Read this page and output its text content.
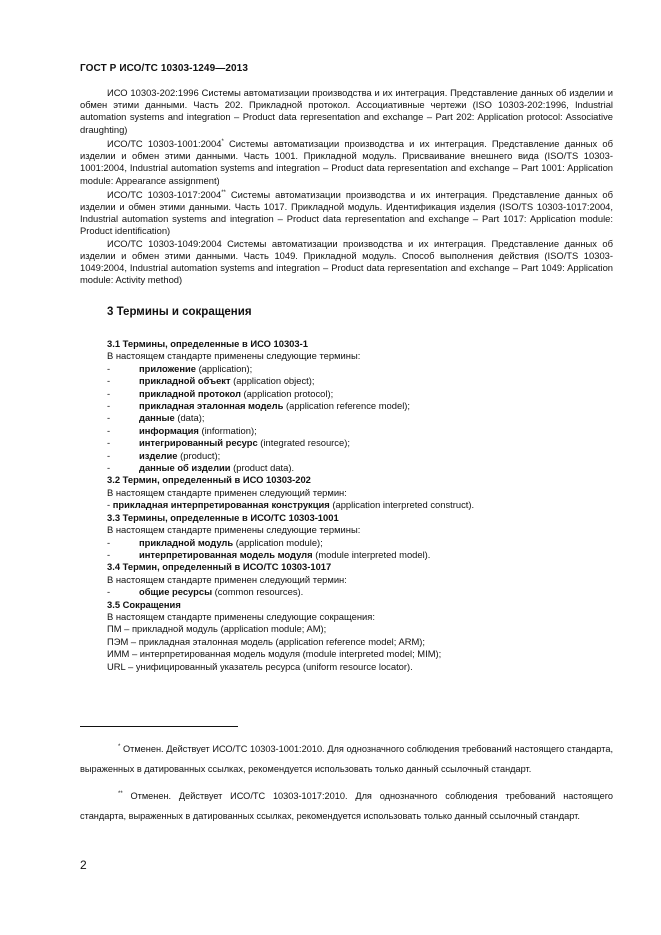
ГОСТ Р ИСО/ТС 10303-1249—2013

ИСО 10303-202:1996 Системы автоматизации производства и их интеграция. Представление данных об изделии и обмен этими данными. Часть 202. Прикладной протокол. Ассоциативные чертежи (ISO 10303-202:1996, Industrial automation systems and integration – Product data representation and exchange – Part 202: Application protocol: Associative draughting)

ИСО/ТС 10303-1001:2004* Системы автоматизации производства и их интеграция. Представление данных об изделии и обмен этими данными. Часть 1001. Прикладной модуль. Присваивание внешнего вида (ISO/TS 10303-1001:2004, Industrial automation systems and integration – Product data representation and exchange – Part 1001: Application module: Appearance assignment)

ИСО/ТС 10303-1017:2004** Системы автоматизации производства и их интеграция. Представление данных об изделии и обмен этими данными. Часть 1017. Прикладной модуль. Идентификация изделия (ISO/TS 10303-1017:2004, Industrial automation systems and integration – Product data representation and exchange – Part 1017: Application module: Product identification)

ИСО/ТС 10303-1049:2004 Системы автоматизации производства и их интеграция. Представление данных об изделии и обмен этими данными. Часть 1049. Прикладной модуль. Способ выполнения действия (ISO/TS 10303-1049:2004, Industrial automation systems and integration – Product data representation and exchange – Part 1049: Application module: Activity method)

3 Термины и сокращения
3.1 Термины, определенные в ИСО 10303-1
В настоящем стандарте применены следующие термины:
-	приложение (application);
-	прикладной объект (application object);
-	прикладной протокол (application protocol);
-	прикладная эталонная модель (application reference model);
-	данные (data);
-	информация (information);
-	интегрированный ресурс (integrated resource);
-	изделие (product);
-	данные об изделии (product data).
3.2 Термин, определенный в ИСО 10303-202
В настоящем стандарте применен следующий термин:
- прикладная интерпретированная конструкция (application interpreted construct).
3.3 Термины, определенные в ИСО/ТС 10303-1001
В настоящем стандарте применены следующие термины:
-	прикладной модуль (application module);
-	интерпретированная модель модуля (module interpreted model).
3.4 Термин, определенный в ИСО/ТС 10303-1017
В настоящем стандарте применен следующий термин:
-	общие ресурсы (common resources).
3.5 Сокращения
В настоящем стандарте применены следующие сокращения:
ПМ – прикладной модуль (application module; AM);
ПЭМ – прикладная эталонная модель (application reference model; ARM);
ИММ – интерпретированная модель модуля (module interpreted model; MIM);
URL – унифицированный указатель ресурса (uniform resource locator).

* Отменен. Действует ИСО/ТС 10303-1001:2010. Для однозначного соблюдения требований настоящего стандарта, выраженных в датированных ссылках, рекомендуется использовать только данный ссылочный стандарт.

** Отменен. Действует ИСО/ТС 10303-1017:2010. Для однозначного соблюдения требований настоящего стандарта, выраженных в датированных ссылках, рекомендуется использовать только данный ссылочный стандарт.

2
